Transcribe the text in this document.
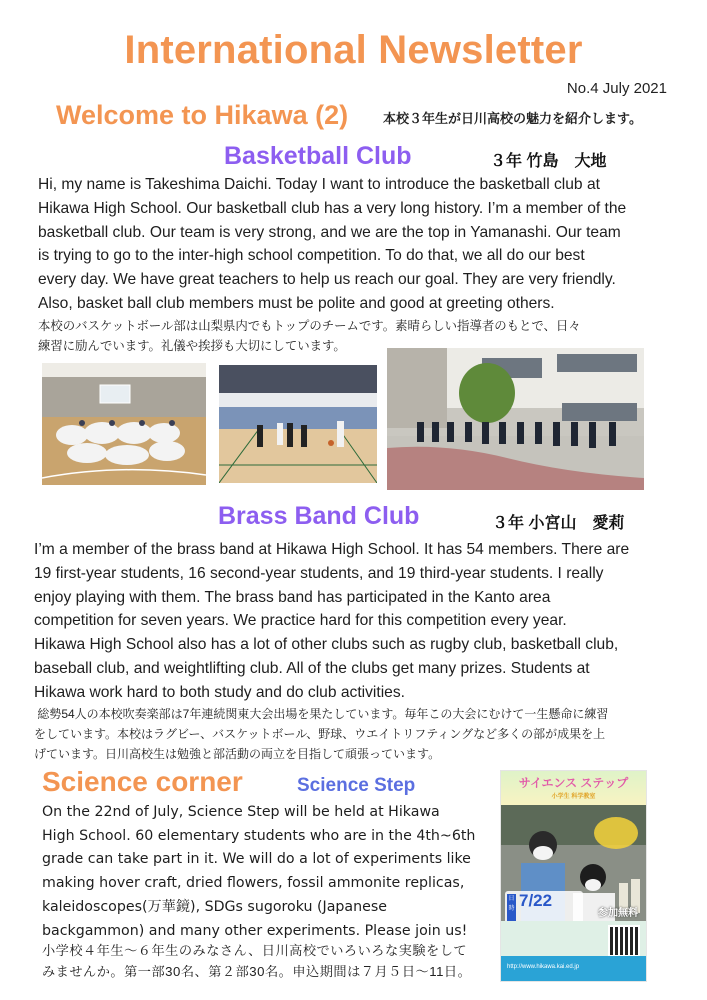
International Newsletter
No.4 July 2021
Welcome to Hikawa (2)	本校３年生が日川高校の魅力を紹介します。
Basketball Club	３年 竹島　大地
Hi, my name is Takeshima Daichi. Today I want to introduce the basketball club at
Hikawa High School. Our basketball club has a very long history. I’m a member of the
basketball club. Our team is very strong, and we are the top in Yamanashi. Our team
is trying to go to the inter-high school competition. To do that, we all do our best
every day. We have great teachers to help us reach our goal. They are very friendly.
Also, basket ball club members must be polite and good at greeting others.
本校のバスケットボール部は山梨県内でもトップのチームです。素晴らしい指導者のもとで、日々
練習に励んでいます。礼儀や挨拶も大切にしています。
Brass Band Club	３年 小宮山　愛莉
I’m a member of the brass band at Hikawa High School. It has 54 members. There are
19 first-year students, 16 second-year students, and 19 third-year students. I really
enjoy playing with them. The brass band has participated in the Kanto area
competition for seven years. We practice hard for this competition every year.
Hikawa High School also has a lot of other clubs such as rugby club, basketball club,
baseball club, and weightlifting club. All of the clubs get many prizes. Students at
Hikawa work hard to both study and do club activities.
総勢54人の本校吹奏楽部は7年連続関東大会出場を果たしています。毎年この大会にむけて一生懸命に練習
をしています。本校はラグビー、バスケットボール、野球、ウエイトリフティングなど多くの部が成果を上
げています。日川高校生は勉強と部活動の両立を目指して頑張っています。
Science corner	Science Step
On the 22nd of July, Science Step will be held at Hikawa
High School. 60 elementary students who are in the 4th~6th
grade can take part in it. We will do a lot of experiments like
making hover craft, dried flowers, fossil ammonite replicas,
kaleidoscopes(万華鏡), SDGs sugoroku (Japanese
backgammon) and many other experiments. Please join us!
小学校４年生～６年生のみなさん、日川高校でいろいろな実験をして
みませんか。第一部30名、第２部30名。申込期間は７月５日～11日。
サイエンス ステップ
小学生 科学教室
日時 7/22
参加無料
http://www.hikawa.kai.ed.jp
